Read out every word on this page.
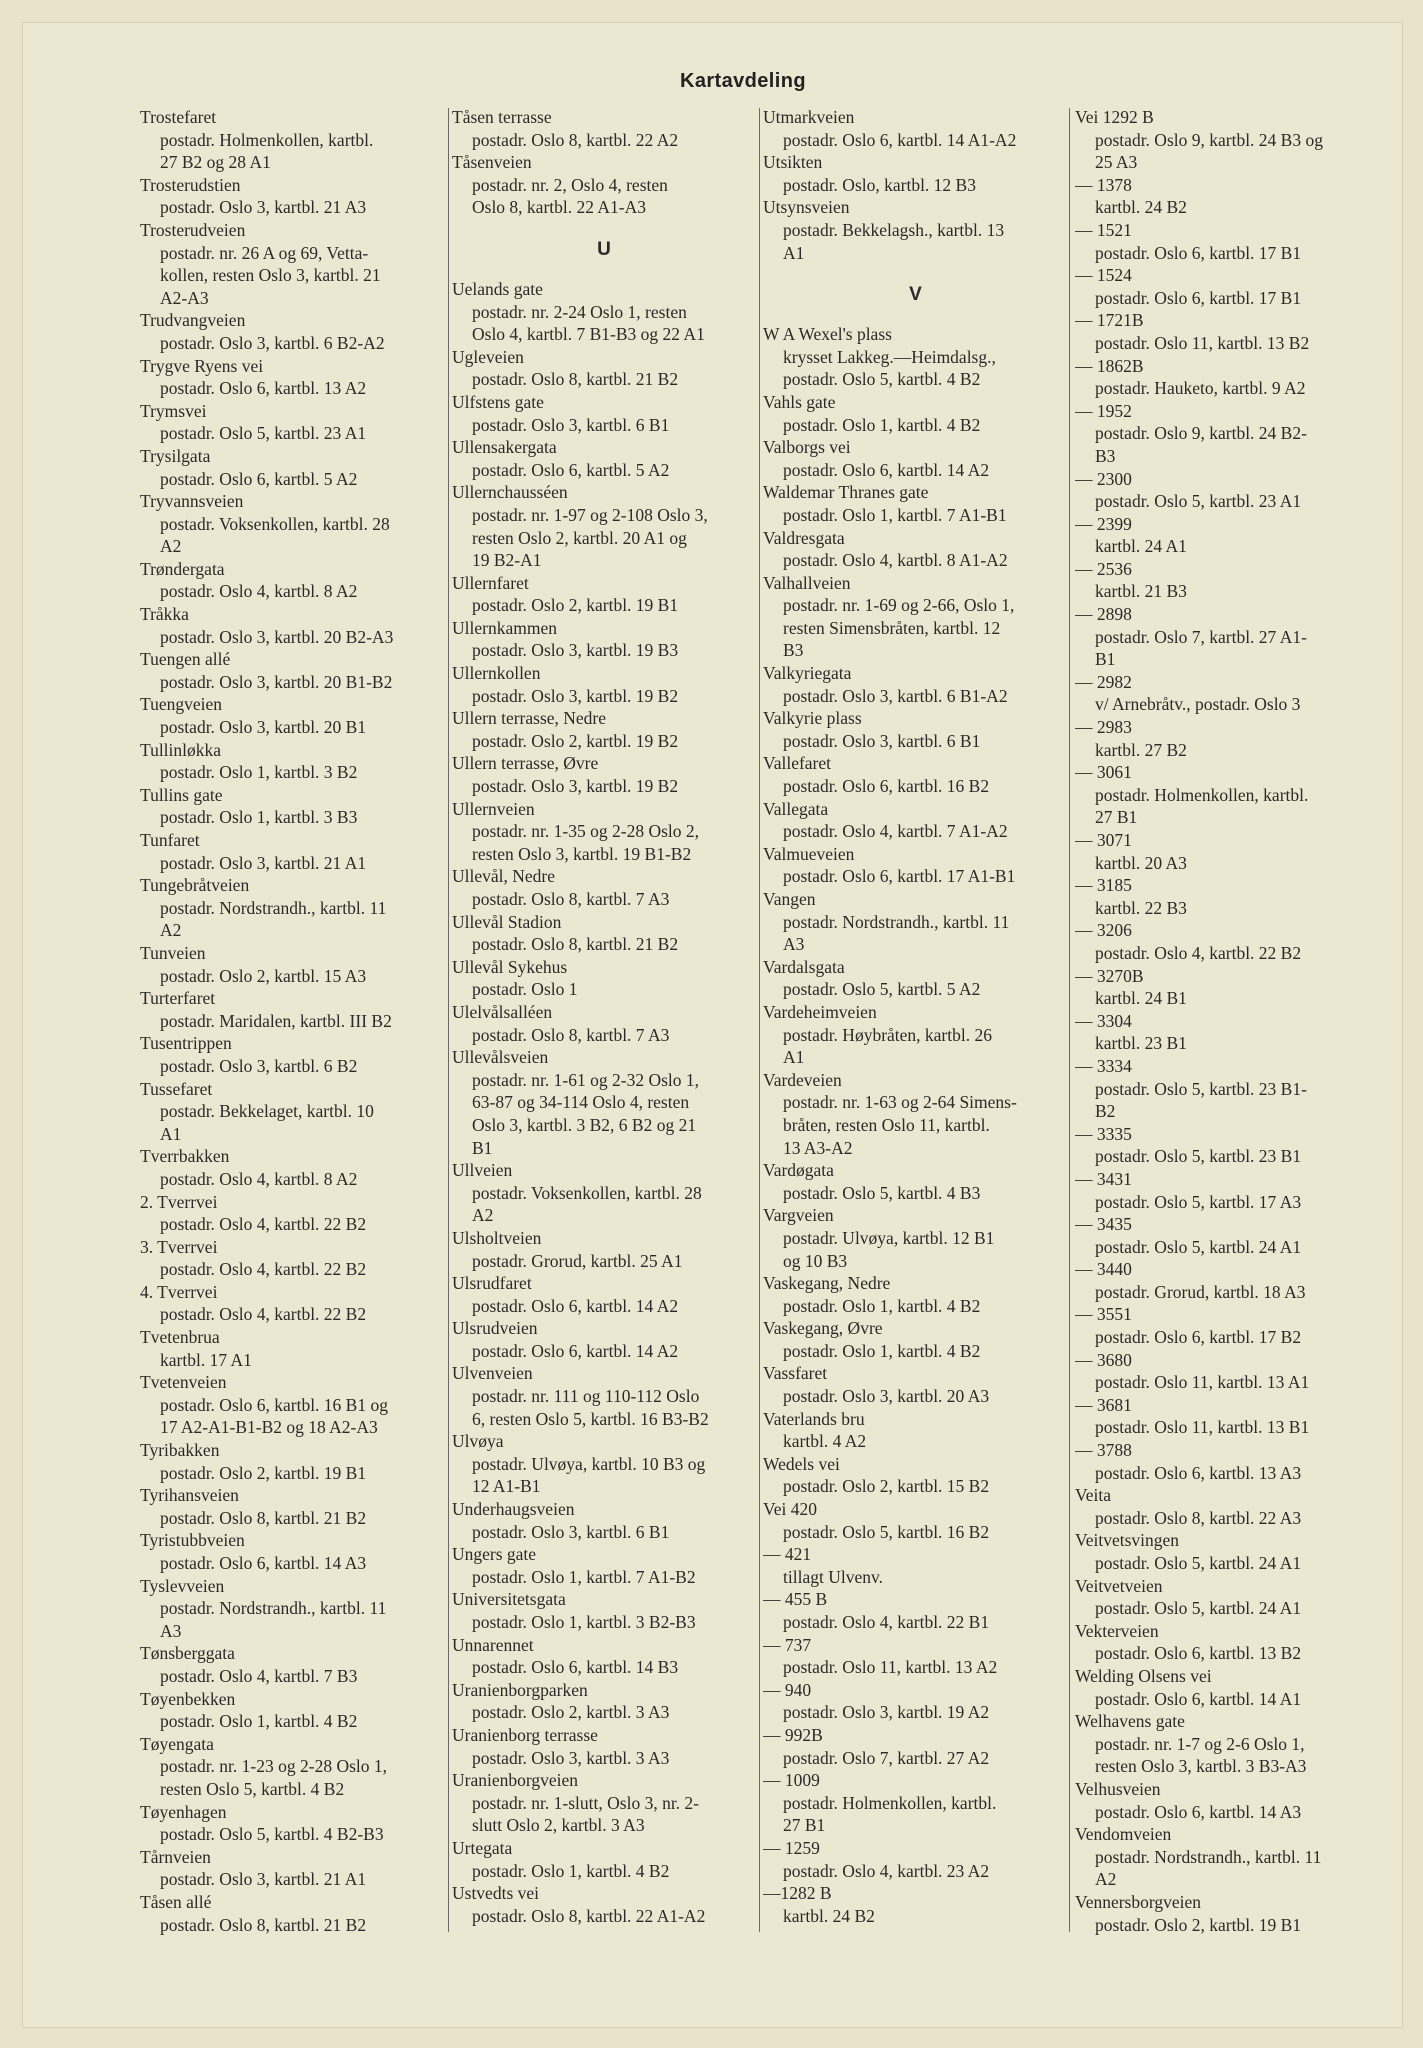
Kartavdeling
Trostefaret
postadr. Holmenkollen, kartbl.
27 B2 og 28 A1
Trosterudstien
postadr. Oslo 3, kartbl. 21 A3
Trosterudveien
postadr. nr. 26 A og 69, Vetta-
kollen, resten Oslo 3, kartbl. 21
A2-A3
Trudvangveien
postadr. Oslo 3, kartbl. 6 B2-A2
Trygve Ryens vei
postadr. Oslo 6, kartbl. 13 A2
Trymsvei
postadr. Oslo 5, kartbl. 23 A1
Trysilgata
postadr. Oslo 6, kartbl. 5 A2
Tryvannsveien
postadr. Voksenkollen, kartbl. 28
A2
Trøndergata
postadr. Oslo 4, kartbl. 8 A2
Tråkka
postadr. Oslo 3, kartbl. 20 B2-A3
Tuengen allé
postadr. Oslo 3, kartbl. 20 B1-B2
Tuengveien
postadr. Oslo 3, kartbl. 20 B1
Tullinløkka
postadr. Oslo 1, kartbl. 3 B2
Tullins gate
postadr. Oslo 1, kartbl. 3 B3
Tunfaret
postadr. Oslo 3, kartbl. 21 A1
Tungebråtveien
postadr. Nordstrandh., kartbl. 11
A2
Tunveien
postadr. Oslo 2, kartbl. 15 A3
Turterfaret
postadr. Maridalen, kartbl. III B2
Tusentrippen
postadr. Oslo 3, kartbl. 6 B2
Tussefaret
postadr. Bekkelaget, kartbl. 10
A1
Tverrbakken
postadr. Oslo 4, kartbl. 8 A2
2. Tverrvei
postadr. Oslo 4, kartbl. 22 B2
3. Tverrvei
postadr. Oslo 4, kartbl. 22 B2
4. Tverrvei
postadr. Oslo 4, kartbl. 22 B2
Tvetenbrua
kartbl. 17 A1
Tvetenveien
postadr. Oslo 6, kartbl. 16 B1 og
17 A2-A1-B1-B2 og 18 A2-A3
Tyribakken
postadr. Oslo 2, kartbl. 19 B1
Tyrihansveien
postadr. Oslo 8, kartbl. 21 B2
Tyristubbveien
postadr. Oslo 6, kartbl. 14 A3
Tyslevveien
postadr. Nordstrandh., kartbl. 11
A3
Tønsberggata
postadr. Oslo 4, kartbl. 7 B3
Tøyenbekken
postadr. Oslo 1, kartbl. 4 B2
Tøyengata
postadr. nr. 1-23 og 2-28 Oslo 1,
resten Oslo 5, kartbl. 4 B2
Tøyenhagen
postadr. Oslo 5, kartbl. 4 B2-B3
Tårnveien
postadr. Oslo 3, kartbl. 21 A1
Tåsen allé
postadr. Oslo 8, kartbl. 21 B2
Tåsen terrasse
postadr. Oslo 8, kartbl. 22 A2
Tåsenveien
postadr. nr. 2, Oslo 4, resten
Oslo 8, kartbl. 22 A1-A3
U
Uelands gate
postadr. nr. 2-24 Oslo 1, resten
Oslo 4, kartbl. 7 B1-B3 og 22 A1
Ugleveien
postadr. Oslo 8, kartbl. 21 B2
Ulfstens gate
postadr. Oslo 3, kartbl. 6 B1
Ullensakergata
postadr. Oslo 6, kartbl. 5 A2
Ullernchausséen
postadr. nr. 1-97 og 2-108 Oslo 3,
resten Oslo 2, kartbl. 20 A1 og
19 B2-A1
Ullernfaret
postadr. Oslo 2, kartbl. 19 B1
Ullernkammen
postadr. Oslo 3, kartbl. 19 B3
Ullernkollen
postadr. Oslo 3, kartbl. 19 B2
Ullern terrasse, Nedre
postadr. Oslo 2, kartbl. 19 B2
Ullern terrasse, Øvre
postadr. Oslo 3, kartbl. 19 B2
Ullernveien
postadr. nr. 1-35 og 2-28 Oslo 2,
resten Oslo 3, kartbl. 19 B1-B2
Ullevål, Nedre
postadr. Oslo 8, kartbl. 7 A3
Ullevål Stadion
postadr. Oslo 8, kartbl. 21 B2
Ullevål Sykehus
postadr. Oslo 1
Ulelvålsalléen
postadr. Oslo 8, kartbl. 7 A3
Ullevålsveien
postadr. nr. 1-61 og 2-32 Oslo 1,
63-87 og 34-114 Oslo 4, resten
Oslo 3, kartbl. 3 B2, 6 B2 og 21
B1
Ullveien
postadr. Voksenkollen, kartbl. 28
A2
Ulsholtveien
postadr. Grorud, kartbl. 25 A1
Ulsrudfaret
postadr. Oslo 6, kartbl. 14 A2
Ulsrudveien
postadr. Oslo 6, kartbl. 14 A2
Ulvenveien
postadr. nr. 111 og 110-112 Oslo
6, resten Oslo 5, kartbl. 16 B3-B2
Ulvøya
postadr. Ulvøya, kartbl. 10 B3 og
12 A1-B1
Underhaugsveien
postadr. Oslo 3, kartbl. 6 B1
Ungers gate
postadr. Oslo 1, kartbl. 7 A1-B2
Universitetsgata
postadr. Oslo 1, kartbl. 3 B2-B3
Unnarennet
postadr. Oslo 6, kartbl. 14 B3
Uranienborgparken
postadr. Oslo 2, kartbl. 3 A3
Uranienborg terrasse
postadr. Oslo 3, kartbl. 3 A3
Uranienborgveien
postadr. nr. 1-slutt, Oslo 3, nr. 2-
slutt Oslo 2, kartbl. 3 A3
Urtegata
postadr. Oslo 1, kartbl. 4 B2
Ustvedts vei
postadr. Oslo 8, kartbl. 22 A1-A2
Utmarkveien
postadr. Oslo 6, kartbl. 14 A1-A2
Utsikten
postadr. Oslo, kartbl. 12 B3
Utsynsveien
postadr. Bekkelagsh., kartbl. 13
A1
V
W A Wexel's plass
krysset Lakkeg.—Heimdalsg.,
postadr. Oslo 5, kartbl. 4 B2
Vahls gate
postadr. Oslo 1, kartbl. 4 B2
Valborgs vei
postadr. Oslo 6, kartbl. 14 A2
Waldemar Thranes gate
postadr. Oslo 1, kartbl. 7 A1-B1
Valdresgata
postadr. Oslo 4, kartbl. 8 A1-A2
Valhallveien
postadr. nr. 1-69 og 2-66, Oslo 1,
resten Simensbråten, kartbl. 12
B3
Valkyriegata
postadr. Oslo 3, kartbl. 6 B1-A2
Valkyrie plass
postadr. Oslo 3, kartbl. 6 B1
Vallefaret
postadr. Oslo 6, kartbl. 16 B2
Vallegata
postadr. Oslo 4, kartbl. 7 A1-A2
Valmueveien
postadr. Oslo 6, kartbl. 17 A1-B1
Vangen
postadr. Nordstrandh., kartbl. 11
A3
Vardalsgata
postadr. Oslo 5, kartbl. 5 A2
Vardeheimveien
postadr. Høybråten, kartbl. 26
A1
Vardeveien
postadr. nr. 1-63 og 2-64 Simens-
bråten, resten Oslo 11, kartbl.
13 A3-A2
Vardøgata
postadr. Oslo 5, kartbl. 4 B3
Vargveien
postadr. Ulvøya, kartbl. 12 B1
og 10 B3
Vaskegang, Nedre
postadr. Oslo 1, kartbl. 4 B2
Vaskegang, Øvre
postadr. Oslo 1, kartbl. 4 B2
Vassfaret
postadr. Oslo 3, kartbl. 20 A3
Vaterlands bru
kartbl. 4 A2
Wedels vei
postadr. Oslo 2, kartbl. 15 B2
Vei 420
postadr. Oslo 5, kartbl. 16 B2
— 421
tillagt Ulvenv.
— 455 B
postadr. Oslo 4, kartbl. 22 B1
— 737
postadr. Oslo 11, kartbl. 13 A2
— 940
postadr. Oslo 3, kartbl. 19 A2
— 992B
postadr. Oslo 7, kartbl. 27 A2
— 1009
postadr. Holmenkollen, kartbl.
27 B1
— 1259
postadr. Oslo 4, kartbl. 23 A2
—1282 B
kartbl. 24 B2
Vei 1292 B
postadr. Oslo 9, kartbl. 24 B3 og
25 A3
— 1378
kartbl. 24 B2
— 1521
postadr. Oslo 6, kartbl. 17 B1
— 1524
postadr. Oslo 6, kartbl. 17 B1
— 1721B
postadr. Oslo 11, kartbl. 13 B2
— 1862B
postadr. Hauketo, kartbl. 9 A2
— 1952
postadr. Oslo 9, kartbl. 24 B2-
B3
— 2300
postadr. Oslo 5, kartbl. 23 A1
— 2399
kartbl. 24 A1
— 2536
kartbl. 21 B3
— 2898
postadr. Oslo 7, kartbl. 27 A1-
B1
— 2982
v/ Arnebråtv., postadr. Oslo 3
— 2983
kartbl. 27 B2
— 3061
postadr. Holmenkollen, kartbl.
27 B1
— 3071
kartbl. 20 A3
— 3185
kartbl. 22 B3
— 3206
postadr. Oslo 4, kartbl. 22 B2
— 3270B
kartbl. 24 B1
— 3304
kartbl. 23 B1
— 3334
postadr. Oslo 5, kartbl. 23 B1-
B2
— 3335
postadr. Oslo 5, kartbl. 23 B1
— 3431
postadr. Oslo 5, kartbl. 17 A3
— 3435
postadr. Oslo 5, kartbl. 24 A1
— 3440
postadr. Grorud, kartbl. 18 A3
— 3551
postadr. Oslo 6, kartbl. 17 B2
— 3680
postadr. Oslo 11, kartbl. 13 A1
— 3681
postadr. Oslo 11, kartbl. 13 B1
— 3788
postadr. Oslo 6, kartbl. 13 A3
Veita
postadr. Oslo 8, kartbl. 22 A3
Veitvetsvingen
postadr. Oslo 5, kartbl. 24 A1
Veitvetveien
postadr. Oslo 5, kartbl. 24 A1
Vekterveien
postadr. Oslo 6, kartbl. 13 B2
Welding Olsens vei
postadr. Oslo 6, kartbl. 14 A1
Welhavens gate
postadr. nr. 1-7 og 2-6 Oslo 1,
resten Oslo 3, kartbl. 3 B3-A3
Velhusveien
postadr. Oslo 6, kartbl. 14 A3
Vendomveien
postadr. Nordstrandh., kartbl. 11
A2
Vennersborgveien
postadr. Oslo 2, kartbl. 19 B1
